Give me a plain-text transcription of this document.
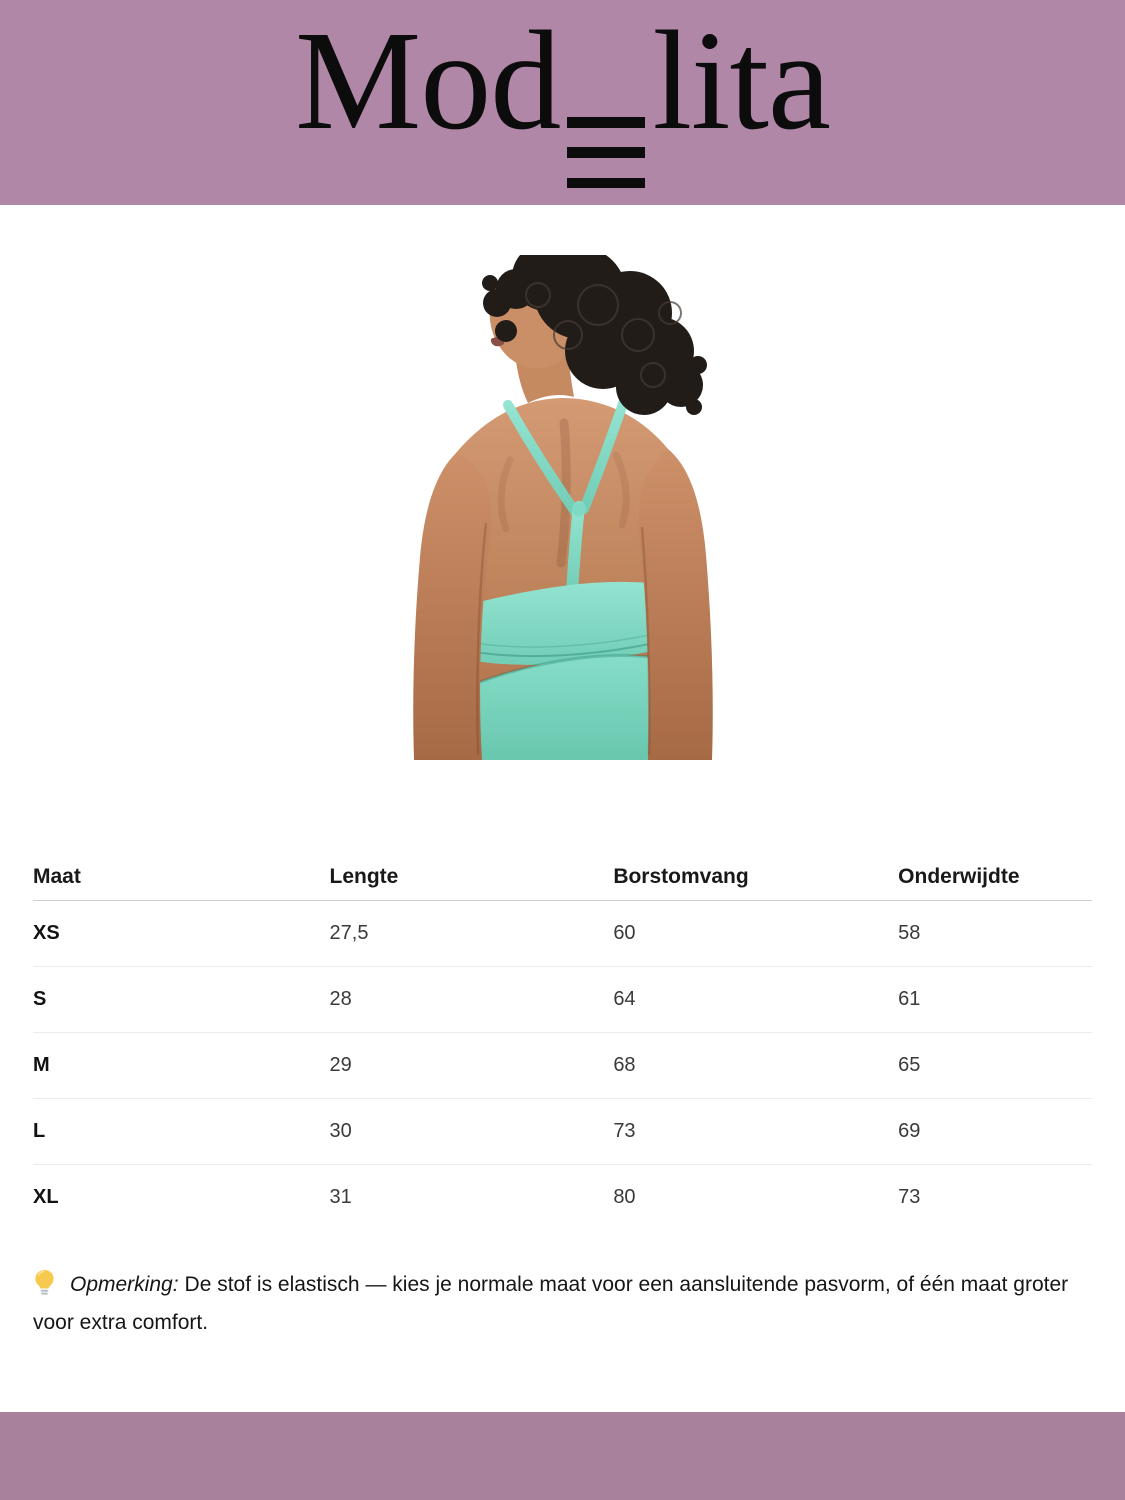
Mod lita
Maat	Lengte	Borstomvang	Onderwijdte
XS	27,5	60	58
S	28	64	61
M	29	68	65
L	30	73	69
XL	31	80	73

Opmerking: De stof is elastisch — kies je normale maat voor een aansluitende pasvorm, of één maat groter voor extra comfort.
